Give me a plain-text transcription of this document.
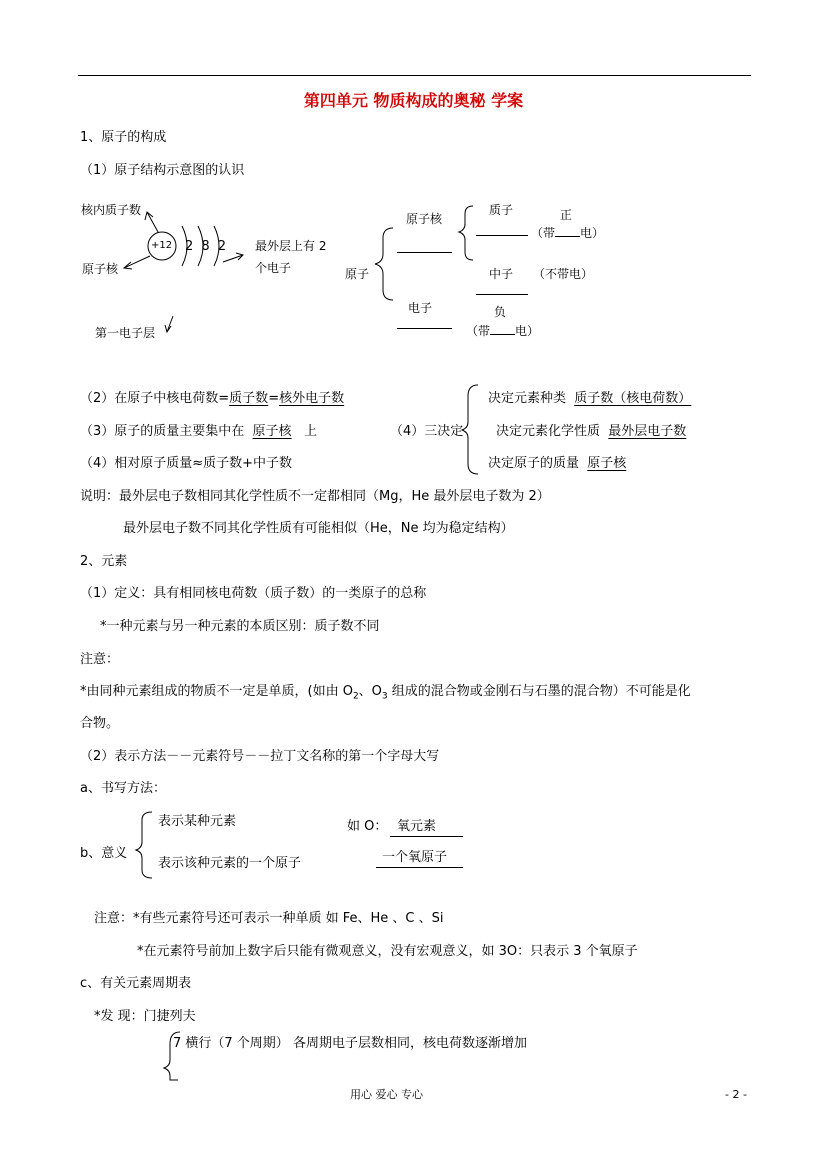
第四单元 物质构成的奥秘 学案
1、原子的构成
（1）原子结构示意图的认识
核内质子数
+12 2 8 2
原子核
最外层上有 2
个电子
第一电子层
原子
原子核
质子	正
（带 电）
中子 （不带电）
电子	负
（带 电）
（2）在原子中核电荷数=质子数=核外电子数
（3）原子的质量主要集中在 原子核 上
（4）相对原子质量≈质子数+中子数
（4）三决定
决定元素种类 质子数（核电荷数）
决定元素化学性质 最外层电子数
决定原子的质量 原子核
说明：最外层电子数相同其化学性质不一定都相同（Mg，He 最外层电子数为 2）
最外层电子数不同其化学性质有可能相似（He，Ne 均为稳定结构）
2、元素
（1）定义：具有相同核电荷数（质子数）的一类原子的总称
*一种元素与另一种元素的本质区别：质子数不同
注意：
*由同种元素组成的物质不一定是单质，(如由 $O_2$、$O_3$ 组成的混合物或金刚石与石墨的混合物）不可能是化
合物。
（2）表示方法－－元素符号－－拉丁文名称的第一个字母大写
a、书写方法：
b、意义
表示某种元素
表示该种元素的一个原子
如 O： 氧元素
一个氧原子
注意：*有些元素符号还可表示一种单质 如 Fe、He 、C 、Si
*在元素符号前加上数字后只能有微观意义，没有宏观意义，如 3O：只表示 3 个氧原子
c、有关元素周期表
*发 现：门捷列夫
7 横行（7 个周期） 各周期电子层数相同，核电荷数逐渐增加
用心 爱心 专心	- 2 -
